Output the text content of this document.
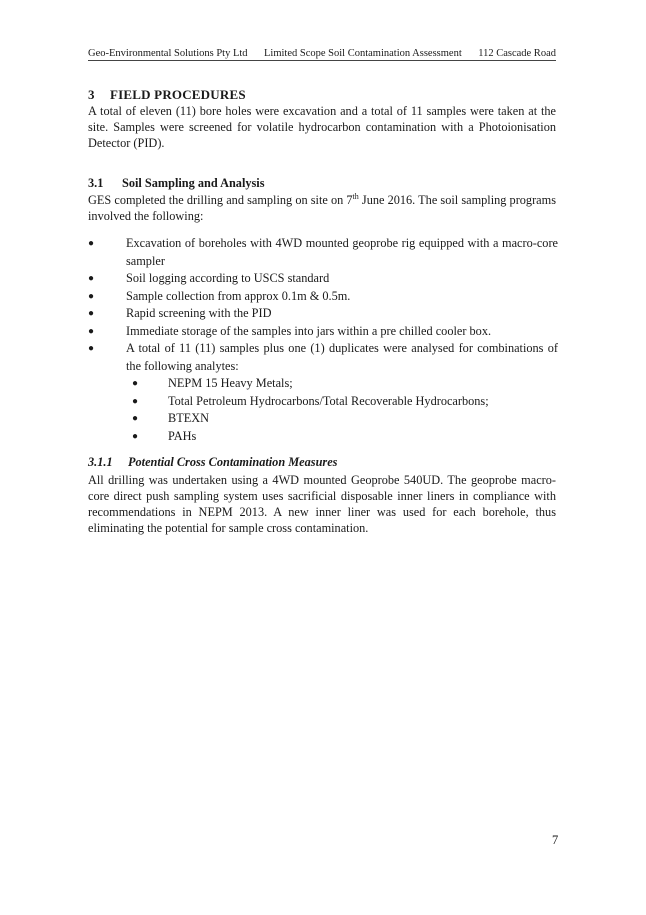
Geo-Environmental Solutions Pty Ltd Limited Scope Soil Contamination Assessment 112 Cascade Road
3 FIELD PROCEDURES
A total of eleven (11) bore holes were excavation and a total of 11 samples were taken at the site. Samples were screened for volatile hydrocarbon contamination with a Photoionisation Detector (PID).
3.1 Soil Sampling and Analysis
GES completed the drilling and sampling on site on 7th June 2016. The soil sampling programs involved the following:
●	Excavation of boreholes with 4WD mounted geoprobe rig equipped with a macro-core sampler
●	Soil logging according to USCS standard
●	Sample collection from approx 0.1m & 0.5m.
●	Rapid screening with the PID
●	Immediate storage of the samples into jars within a pre chilled cooler box.
●	A total of 11 (11) samples plus one (1) duplicates were analysed for combinations of the following analytes:
● NEPM 15 Heavy Metals;
● Total Petroleum Hydrocarbons/Total Recoverable Hydrocarbons;
● BTEXN
● PAHs
3.1.1 Potential Cross Contamination Measures
All drilling was undertaken using a 4WD mounted Geoprobe 540UD. The geoprobe macro-core direct push sampling system uses sacrificial disposable inner liners in compliance with recommendations in NEPM 2013. A new inner liner was used for each borehole, thus eliminating the potential for sample cross contamination.
7
